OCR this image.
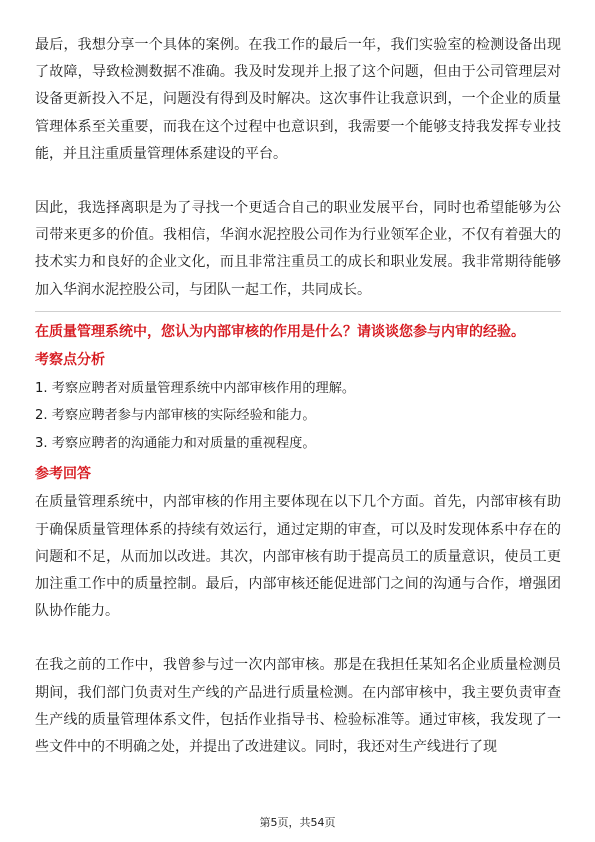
最后，我想分享一个具体的案例。在我工作的最后一年，我们实验室的检测设备出现了故障，导致检测数据不准确。我及时发现并上报了这个问题，但由于公司管理层对设备更新投入不足，问题没有得到及时解决。这次事件让我意识到，一个企业的质量管理体系至关重要，而我在这个过程中也意识到，我需要一个能够支持我发挥专业技能，并且注重质量管理体系建设的平台。

因此，我选择离职是为了寻找一个更适合自己的职业发展平台，同时也希望能够为公司带来更多的价值。我相信，华润水泥控股公司作为行业领军企业，不仅有着强大的技术实力和良好的企业文化，而且非常注重员工的成长和职业发展。我非常期待能够加入华润水泥控股公司，与团队一起工作，共同成长。

在质量管理系统中，您认为内部审核的作用是什么？请谈谈您参与内审的经验。

考察点分析
1. 考察应聘者对质量管理系统中内部审核作用的理解。
2. 考察应聘者参与内部审核的实际经验和能力。
3. 考察应聘者的沟通能力和对质量的重视程度。
参考回答

在质量管理系统中，内部审核的作用主要体现在以下几个方面。首先，内部审核有助于确保质量管理体系的持续有效运行，通过定期的审查，可以及时发现体系中存在的问题和不足，从而加以改进。其次，内部审核有助于提高员工的质量意识，使员工更加注重工作中的质量控制。最后，内部审核还能促进部门之间的沟通与合作，增强团队协作能力。

在我之前的工作中，我曾参与过一次内部审核。那是在我担任某知名企业质量检测员期间，我们部门负责对生产线的产品进行质量检测。在内部审核中，我主要负责审查生产线的质量管理体系文件，包括作业指导书、检验标准等。通过审核，我发现了一些文件中的不明确之处，并提出了改进建议。同时，我还对生产线进行了现

第5页，共54页
